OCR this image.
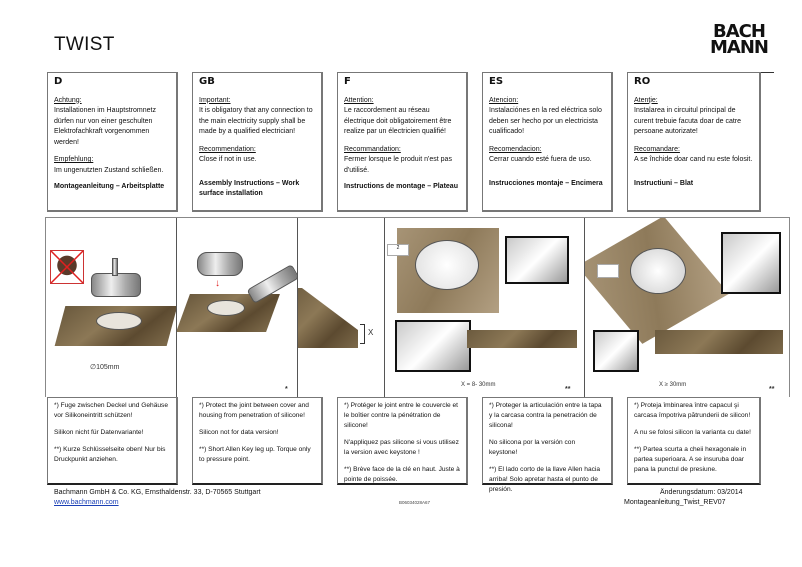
TWIST
BACH
MANN
D
Achtung:
Installationen im Hauptstromnetz dürfen nur von einer geschulten Elektrofachkraft vorgenommen werden!
Empfehlung:
Im ungenutzten Zustand schließen.
Montageanleitung – Arbeitsplatte
GB
Important:
It is obligatory that any connection to the main electricity supply shall be made by a qualified electrician!
Recommendation:
Close if not in use.
Assembly Instructions – Work surface installation
F
Attention:
Le raccordement au réseau électrique doit obligatoirement être realize par un électricien qualifié!
Recommandation:
Fermer lorsque le produit n'est pas d'utilisé.
Instructions de montage – Plateau
ES
Atencion:
Instalaciónes en la red eléctrica solo deben ser hecho por un electricista cualificado!
Recomendacion:
Cerrar cuando esté fuera de uso.
Instrucciones montaje – Encimera
RO
Atenţie:
Instalarea in circuitul principal de curent trebuie facuta doar de catre persoane autorizate!
Recomandare:
A se închide doar cand nu este folosit.
Instructiuni – Blat
∅105mm
↓
*
X
2
X = 8- 30mm
**
X ≥ 30mm
**

*) Fuge zwischen Deckel und Gehäuse vor Silikoneintritt schützen!

Silikon nicht für Datenvariante!

**) Kurze Schlüsselseite oben! Nur bis Druckpunkt anziehen.

*) Protect the joint between cover and housing from penetration of silicone!

Silicon not for data version!

**) Short Allen Key leg up. Torque only to pressure point.

*) Protéger le joint entre le couvercle et le boîtier contre la pénétration de silicone!

N'appliquez pas silicone si vous utilisez la version avec keystone !

**) Brève face de la clé en haut. Juste à pointe de poissée.

*) Proteger la articulación entre la tapa y la carcasa contra la penetración de silicona!

No silicona por la versión con keystone!

**) El lado corto de la llave Allen hacia arriba! Solo apretar hasta el punto de presión.

*) Proteja îmbinarea între capacul şi carcasa împotriva pătrunderii de silicon!

A nu se folosi silicon la varianta cu date!

**) Partea scurta a cheii hexagonale in partea superioara. A se insuruba doar pana la punctul de presiune.

Bachmann GmbH & Co. KG, Ernsthaldenstr. 33, D-70565 Stuttgart
www.bachmann.com	B06034028A67
Änderungsdatum: 03/2014
Montageanleitung_Twist_REV07
